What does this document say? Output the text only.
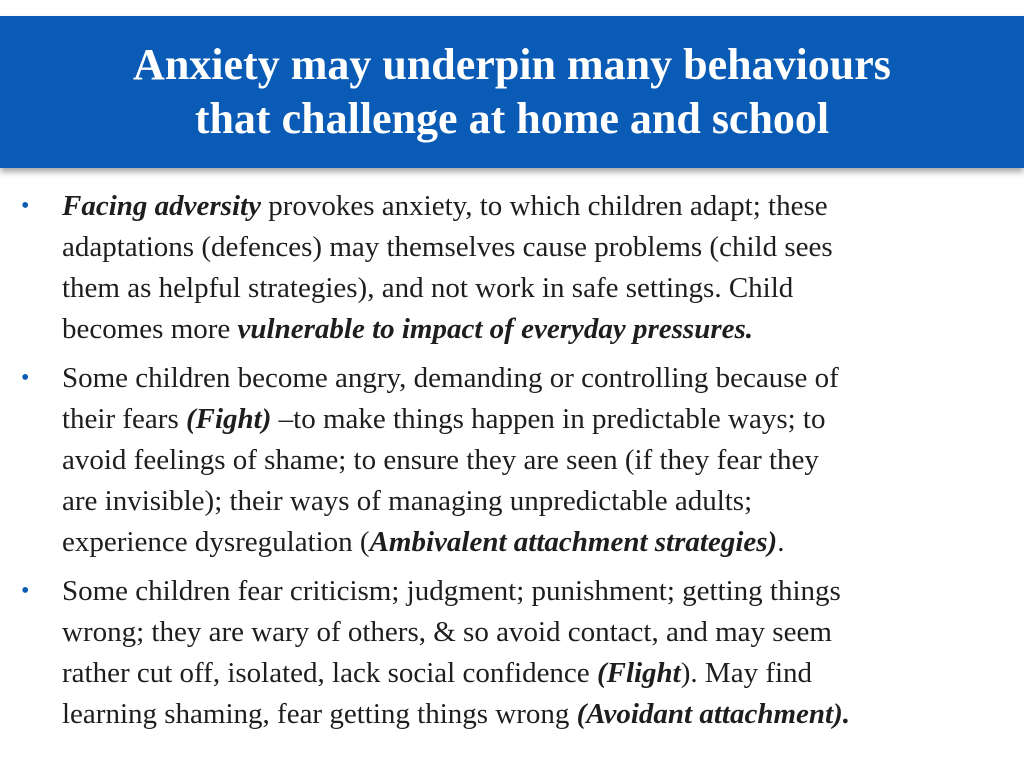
Anxiety may underpin many behaviours
that challenge at home and school
• Facing adversity provokes anxiety, to which children adapt; these
adaptations (defences) may themselves cause problems (child sees
them as helpful strategies), and not work in safe settings. Child
becomes more vulnerable to impact of everyday pressures.
• Some children become angry, demanding or controlling because of
their fears (Fight) –to make things happen in predictable ways; to
avoid feelings of shame; to ensure they are seen (if they fear they
are invisible); their ways of managing unpredictable adults;
experience dysregulation (Ambivalent attachment strategies).
• Some children fear criticism; judgment; punishment; getting things
wrong; they are wary of others, & so avoid contact, and may seem
rather cut off, isolated, lack social confidence (Flight). May find
learning shaming, fear getting things wrong (Avoidant attachment).
